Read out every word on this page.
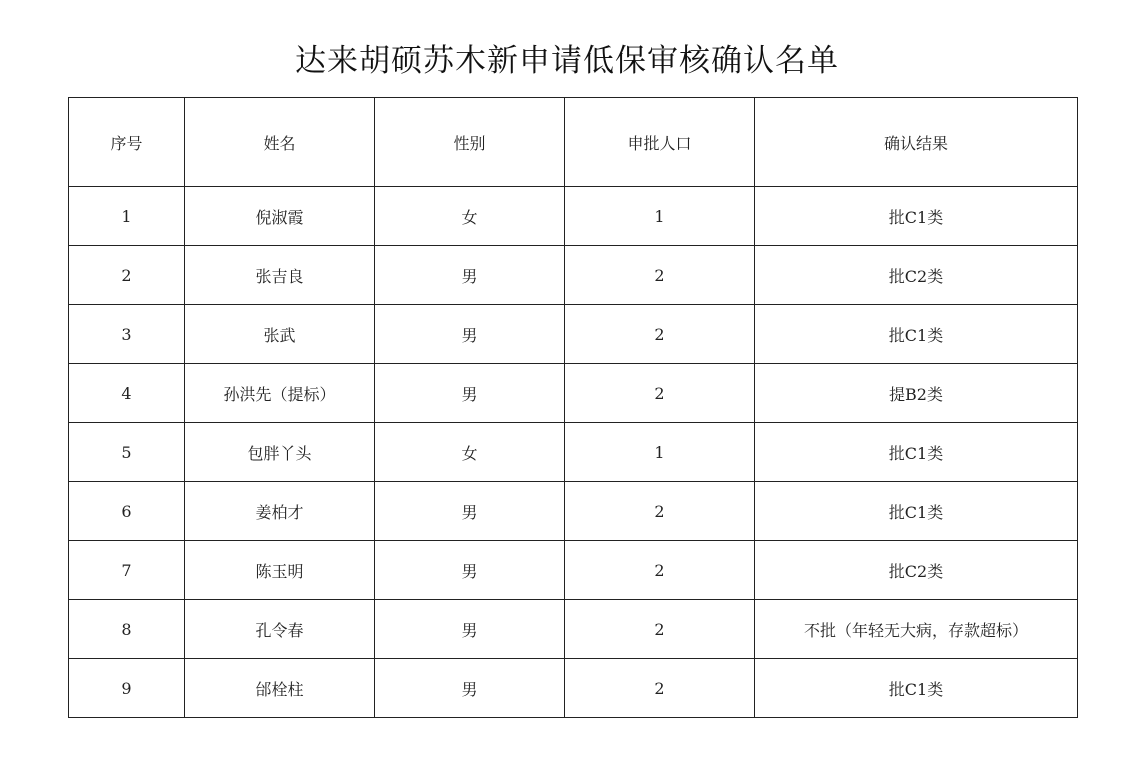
达来胡硕苏木新申请低保审核确认名单
序号	姓名	性别	申批人口	确认结果
1	倪淑霞	女	1	批C1类
2	张吉良	男	2	批C2类
3	张武	男	2	批C1类
4	孙洪先（提标）	男	2	提B2类
5	包胖丫头	女	1	批C1类
6	姜柏才	男	2	批C1类
7	陈玉明	男	2	批C2类
8	孔令春	男	2	不批（年轻无大病，存款超标）
9	邰栓柱	男	2	批C1类
